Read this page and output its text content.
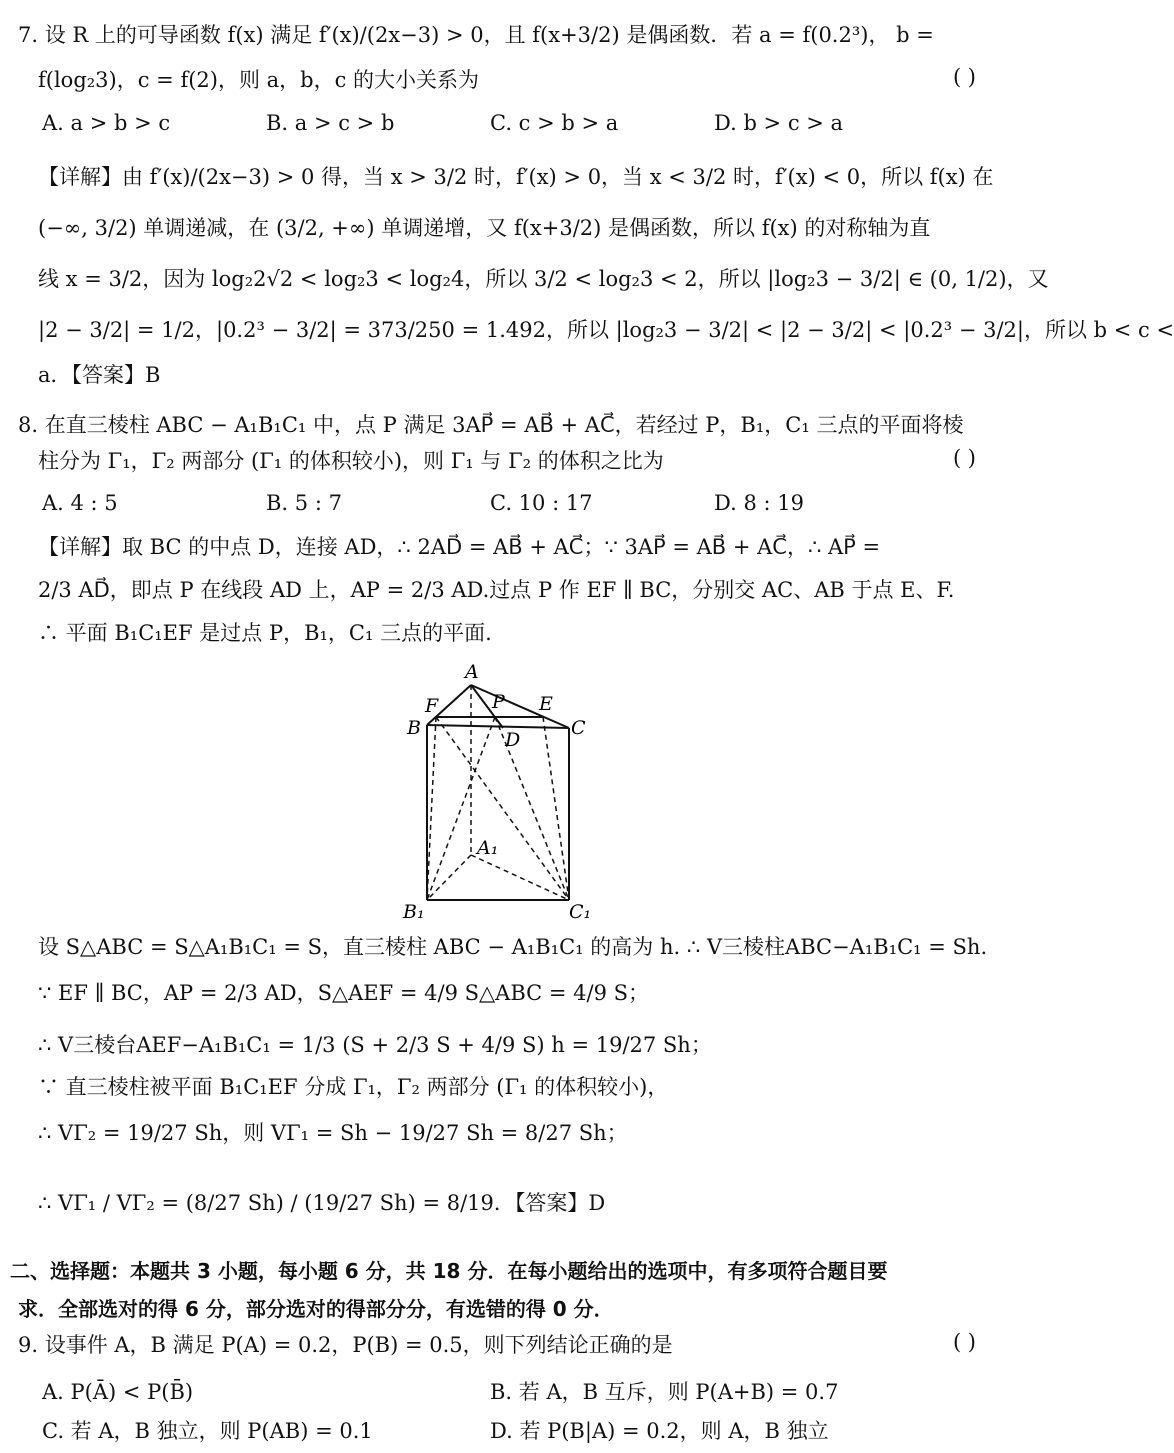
7. 设 R 上的可导函数 f(x) 满足 f′(x)/(2x−3) > 0，且 f(x+3/2) 是偶函数．若 a = f(0.2³)， b =
f(log₂3)，c = f(2)，则 a，b，c 的大小关系为	( )
A. a > b > c	B. a > c > b	C. c > b > a	D. b > c > a
【详解】由 f′(x)/(2x−3) > 0 得，当 x > 3/2 时，f′(x) > 0，当 x < 3/2 时，f′(x) < 0，所以 f(x) 在
(−∞, 3/2) 单调递减，在 (3/2, +∞) 单调递增，又 f(x+3/2) 是偶函数，所以 f(x) 的对称轴为直
线 x = 3/2，因为 log₂2√2 < log₂3 < log₂4，所以 3/2 < log₂3 < 2，所以 |log₂3 − 3/2| ∈ (0, 1/2)，又
|2 − 3/2| = 1/2，|0.2³ − 3/2| = 373/250 = 1.492，所以 |log₂3 − 3/2| < |2 − 3/2| < |0.2³ − 3/2|，所以 b < c <
a．【答案】B
8. 在直三棱柱 ABC − A₁B₁C₁ 中，点 P 满足 3AP⃗ = AB⃗ + AC⃗，若经过 P，B₁，C₁ 三点的平面将棱
柱分为 Γ₁，Γ₂ 两部分 (Γ₁ 的体积较小)，则 Γ₁ 与 Γ₂ 的体积之比为	( )
A. 4 : 5	B. 5 : 7	C. 10 : 17	D. 8 : 19
【详解】取 BC 的中点 D，连接 AD，∴ 2AD⃗ = AB⃗ + AC⃗；∵ 3AP⃗ = AB⃗ + AC⃗，∴ AP⃗ =
2/3 AD⃗，即点 P 在线段 AD 上，AP = 2/3 AD.过点 P 作 EF ∥ BC，分别交 AC、AB 于点 E、F.
∴ 平面 B₁C₁EF 是过点 P，B₁，C₁ 三点的平面.
A
F	P E
B
D
C
A₁
B₁	C₁
设 S△ABC = S△A₁B₁C₁ = S，直三棱柱 ABC − A₁B₁C₁ 的高为 h. ∴ V三棱柱ABC−A₁B₁C₁ = Sh.
∵ EF ∥ BC，AP = 2/3 AD，S△AEF = 4/9 S△ABC = 4/9 S；
∴ V三棱台AEF−A₁B₁C₁ = 1/3 (S + 2/3 S + 4/9 S) h = 19/27 Sh；
∵ 直三棱柱被平面 B₁C₁EF 分成 Γ₁，Γ₂ 两部分 (Γ₁ 的体积较小)，
∴ VΓ₂ = 19/27 Sh，则 VΓ₁ = Sh − 19/27 Sh = 8/27 Sh；
∴ VΓ₁ / VΓ₂ = (8/27 Sh) / (19/27 Sh) = 8/19．【答案】D
二、选择题：本题共 3 小题，每小题 6 分，共 18 分．在每小题给出的选项中，有多项符合题目要
求．全部选对的得 6 分，部分选对的得部分分，有选错的得 0 分．
9. 设事件 A，B 满足 P(A) = 0.2，P(B) = 0.5，则下列结论正确的是	( )
A. P(Ā) < P(B̄)	B. 若 A，B 互斥，则 P(A+B) = 0.7
C. 若 A，B 独立，则 P(AB) = 0.1	D. 若 P(B|A) = 0.2，则 A，B 独立
